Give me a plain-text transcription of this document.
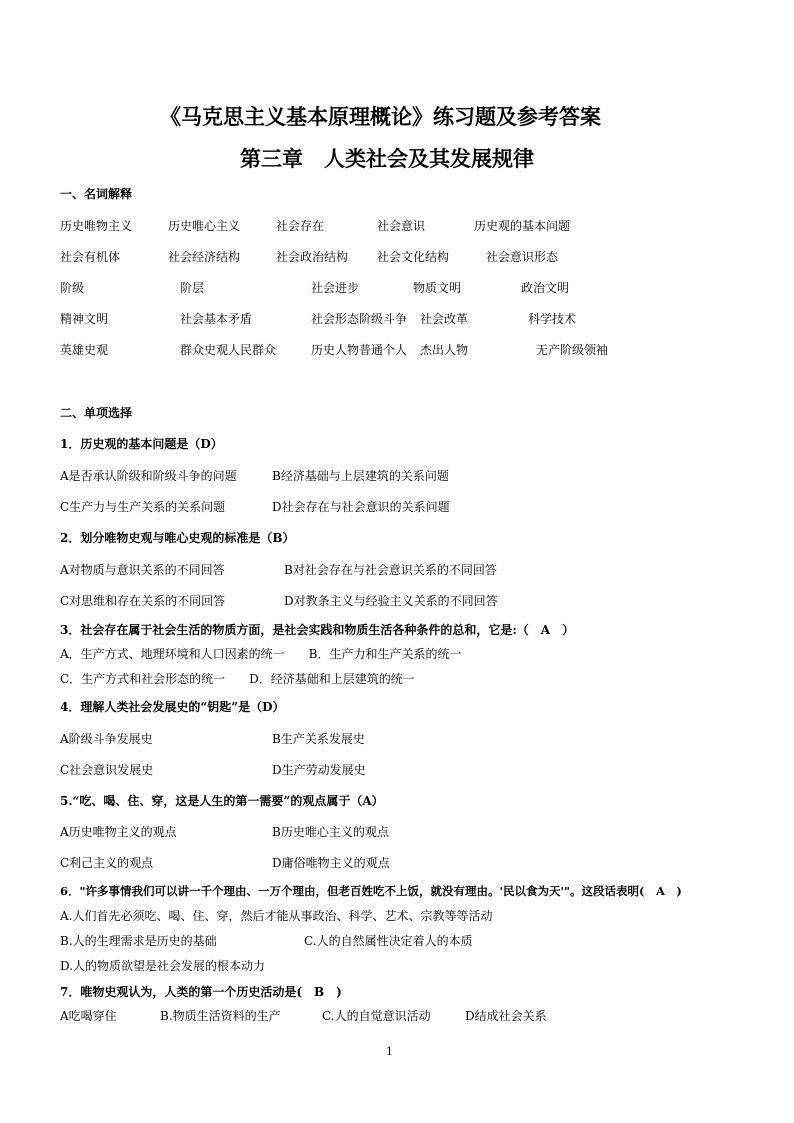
《马克思主义基本原理概论》练习题及参考答案
第三章　人类社会及其发展规律
一、名词解释
历史唯物主义	历史唯心主义	社会存在	社会意识	历史观的基本问题
社会有机体	社会经济结构	社会政治结构 社会文化结构	社会意识形态
阶级	阶层	社会进步	物质文明	政治文明
精神文明	社会基本矛盾	社会形态阶级斗争 社会改革	科学技术
英雄史观	群众史观人民群众	历史人物普通个人 杰出人物	无产阶级领袖
二、单项选择
1．历史观的基本问题是（D）
A是否承认阶级和阶级斗争的问题	B经济基础与上层建筑的关系问题
C生产力与生产关系的关系问题	D社会存在与社会意识的关系问题
2．划分唯物史观与唯心史观的标准是（B）
A对物质与意识关系的不同回答	B对社会存在与社会意识关系的不同回答
C对思维和存在关系的不同回答	D对教条主义与经验主义关系的不同回答
3．社会存在属于社会生活的物质方面，是社会实践和物质生活各种条件的总和，它是:（　A　）
A．生产方式、地理环境和人口因素的统一　　B．生产力和生产关系的统一
C．生产方式和社会形态的统一　　D．经济基础和上层建筑的统一
4．理解人类社会发展史的“钥匙”是（D）
A阶级斗争发展史	B生产关系发展史
C社会意识发展史	D生产劳动发展史
5.“吃、喝、住、穿，这是人生的第一需要”的观点属于（A）
A历史唯物主义的观点	B历史唯心主义的观点
C利己主义的观点	D庸俗唯物主义的观点
6．"许多事情我们可以讲一千个理由、一万个理由，但老百姓吃不上饭，就没有理由。'民以食为天'"。这段话表明(　A　)
A.人们首先必须吃、喝、住、穿，然后才能从事政治、科学、艺术、宗教等等活动
B.人的生理需求是历史的基础	C.人的自然属性决定着人的本质
D.人的物质欲望是社会发展的根本动力
7．唯物史观认为，人类的第一个历史活动是(　B　)
A吃喝穿住	B.物质生活资料的生产	C.人的自觉意识活动	D结成社会关系
1
